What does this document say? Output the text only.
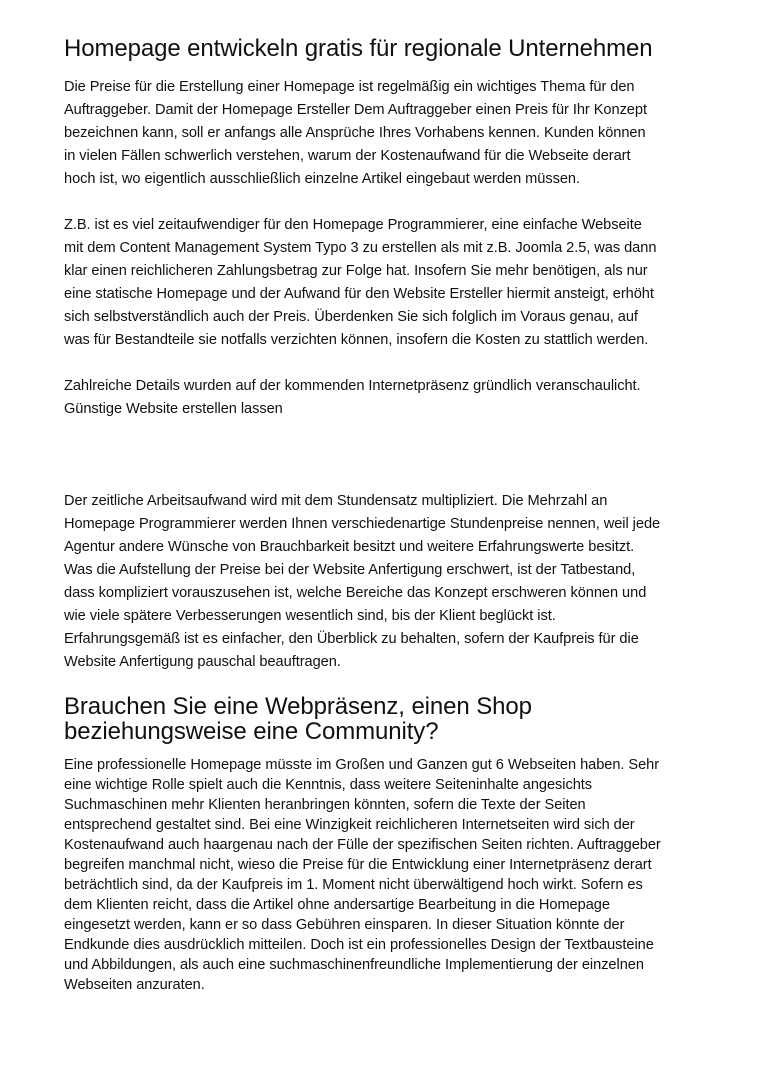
Homepage entwickeln gratis für regionale Unternehmen

Die Preise für die Erstellung einer Homepage ist regelmäßig ein wichtiges Thema für den
Auftraggeber. Damit der Homepage Ersteller Dem Auftraggeber einen Preis für Ihr Konzept
bezeichnen kann, soll er anfangs alle Ansprüche Ihres Vorhabens kennen. Kunden können
in vielen Fällen schwerlich verstehen, warum der Kostenaufwand für die Webseite derart
hoch ist, wo eigentlich ausschließlich einzelne Artikel eingebaut werden müssen.

Z.B. ist es viel zeitaufwendiger für den Homepage Programmierer, eine einfache Webseite
mit dem Content Management System Typo 3 zu erstellen als mit z.B. Joomla 2.5, was dann
klar einen reichlicheren Zahlungsbetrag zur Folge hat. Insofern Sie mehr benötigen, als nur
eine statische Homepage und der Aufwand für den Website Ersteller hiermit ansteigt, erhöht
sich selbstverständlich auch der Preis. Überdenken Sie sich folglich im Voraus genau, auf
was für Bestandteile sie notfalls verzichten können, insofern die Kosten zu stattlich werden.

Zahlreiche Details wurden auf der kommenden Internetpräsenz gründlich veranschaulicht.
Günstige Website erstellen lassen

Der zeitliche Arbeitsaufwand wird mit dem Stundensatz multipliziert. Die Mehrzahl an
Homepage Programmierer werden Ihnen verschiedenartige Stundenpreise nennen, weil jede
Agentur andere Wünsche von Brauchbarkeit besitzt und weitere Erfahrungswerte besitzt.
Was die Aufstellung der Preise bei der Website Anfertigung erschwert, ist der Tatbestand,
dass kompliziert vorauszusehen ist, welche Bereiche das Konzept erschweren können und
wie viele spätere Verbesserungen wesentlich sind, bis der Klient beglückt ist.
Erfahrungsgemäß ist es einfacher, den Überblick zu behalten, sofern der Kaufpreis für die
Website Anfertigung pauschal beauftragen.

Brauchen Sie eine Webpräsenz, einen Shop
beziehungsweise eine Community?

Eine professionelle Homepage müsste im Großen und Ganzen gut 6 Webseiten haben. Sehr
eine wichtige Rolle spielt auch die Kenntnis, dass weitere Seiteninhalte angesichts
Suchmaschinen mehr Klienten heranbringen könnten, sofern die Texte der Seiten
entsprechend gestaltet sind. Bei eine Winzigkeit reichlicheren Internetseiten wird sich der
Kostenaufwand auch haargenau nach der Fülle der spezifischen Seiten richten. Auftraggeber
begreifen manchmal nicht, wieso die Preise für die Entwicklung einer Internetpräsenz derart
beträchtlich sind, da der Kaufpreis im 1. Moment nicht überwältigend hoch wirkt. Sofern es
dem Klienten reicht, dass die Artikel ohne andersartige Bearbeitung in die Homepage
eingesetzt werden, kann er so dass Gebühren einsparen. In dieser Situation könnte der
Endkunde dies ausdrücklich mitteilen. Doch ist ein professionelles Design der Textbausteine
und Abbildungen, als auch eine suchmaschinenfreundliche Implementierung der einzelnen
Webseiten anzuraten.
